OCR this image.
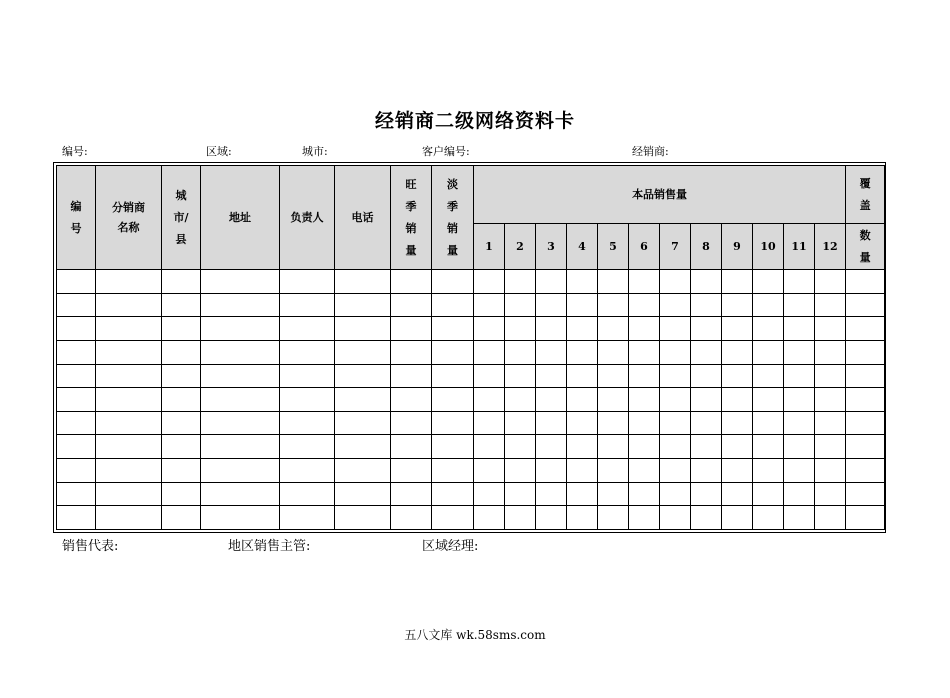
经销商二级网络资料卡
编号:	区域:	城市:	客户编号:	经销商:
编号	分销商名称	城市/县	地址	负责人	电话	旺季销量	淡季销量	本品销售量												覆盖
								1	2	3	4	5	6	7	8	9	10	11	12	数量

销售代表:	地区销售主管:	区域经理:
五八文库 wk.58sms.com
